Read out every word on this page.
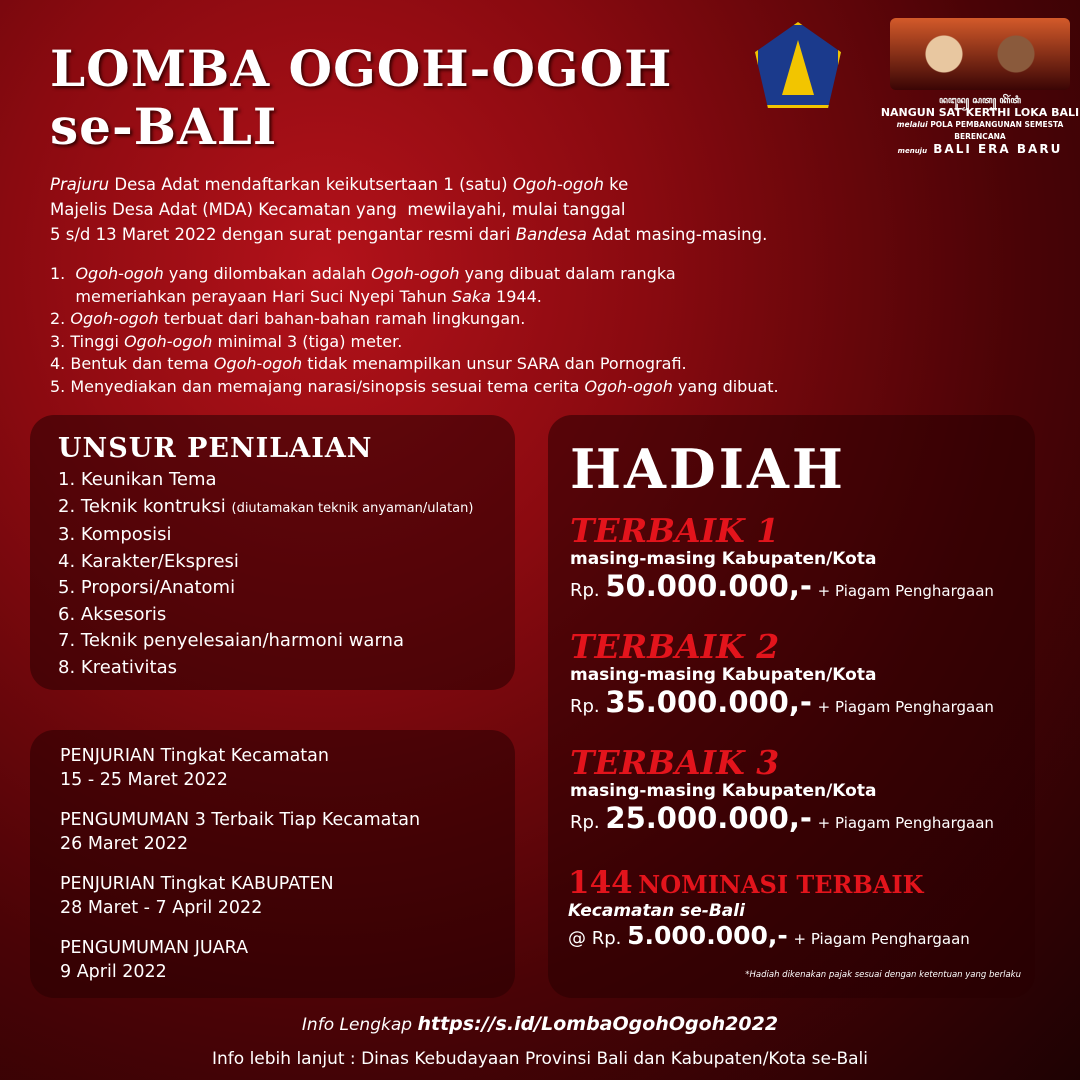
LOMBA OGOH-OGOH
se-BALI	ꦤꦔꦸꦤ꧀ ꦱꦠ꧀ ꦏꦼꦂꦠꦶ
NANGUN SAT KERTHI LOKA BALI
melalui POLA PEMBANGUNAN SEMESTA BERENCANA
menuju BALI ERA BARU
Prajuru Desa Adat mendaftarkan keikutsertaan 1 (satu) Ogoh-ogoh ke
Majelis Desa Adat (MDA) Kecamatan yang  mewilayahi, mulai tanggal
5 s/d 13 Maret 2022 dengan surat pengantar resmi dari Bandesa Adat masing-masing.
1.  Ogoh-ogoh yang dilombakan adalah Ogoh-ogoh yang dibuat dalam rangka
memeriahkan perayaan Hari Suci Nyepi Tahun Saka 1944.
2. Ogoh-ogoh terbuat dari bahan-bahan ramah lingkungan.
3. Tinggi Ogoh-ogoh minimal 3 (tiga) meter.
4. Bentuk dan tema Ogoh-ogoh tidak menampilkan unsur SARA dan Pornografi.
5. Menyediakan dan memajang narasi/sinopsis sesuai tema cerita Ogoh-ogoh yang dibuat.
UNSUR PENILAIAN
1. Keunikan Tema
2. Teknik kontruksi (diutamakan teknik anyaman/ulatan)
3. Komposisi
4. Karakter/Ekspresi
5. Proporsi/Anatomi
6. Aksesoris
7. Teknik penyelesaian/harmoni warna
8. Kreativitas
PENJURIAN Tingkat Kecamatan
15 - 25 Maret 2022
PENGUMUMAN 3 Terbaik Tiap Kecamatan
26 Maret 2022
PENJURIAN Tingkat KABUPATEN
28 Maret - 7 April 2022
PENGUMUMAN JUARA
9 April 2022
HADIAH
TERBAIK 1
masing-masing Kabupaten/Kota
Rp. 50.000.000,- + Piagam Penghargaan
TERBAIK 2
masing-masing Kabupaten/Kota
Rp. 35.000.000,- + Piagam Penghargaan
TERBAIK 3
masing-masing Kabupaten/Kota
Rp. 25.000.000,- + Piagam Penghargaan
144 NOMINASI TERBAIK
Kecamatan se-Bali
@ Rp. 5.000.000,- + Piagam Penghargaan
*Hadiah dikenakan pajak sesuai dengan ketentuan yang berlaku
Info Lengkap https://s.id/LombaOgohOgoh2022
Info lebih lanjut : Dinas Kebudayaan Provinsi Bali dan Kabupaten/Kota se-Bali
